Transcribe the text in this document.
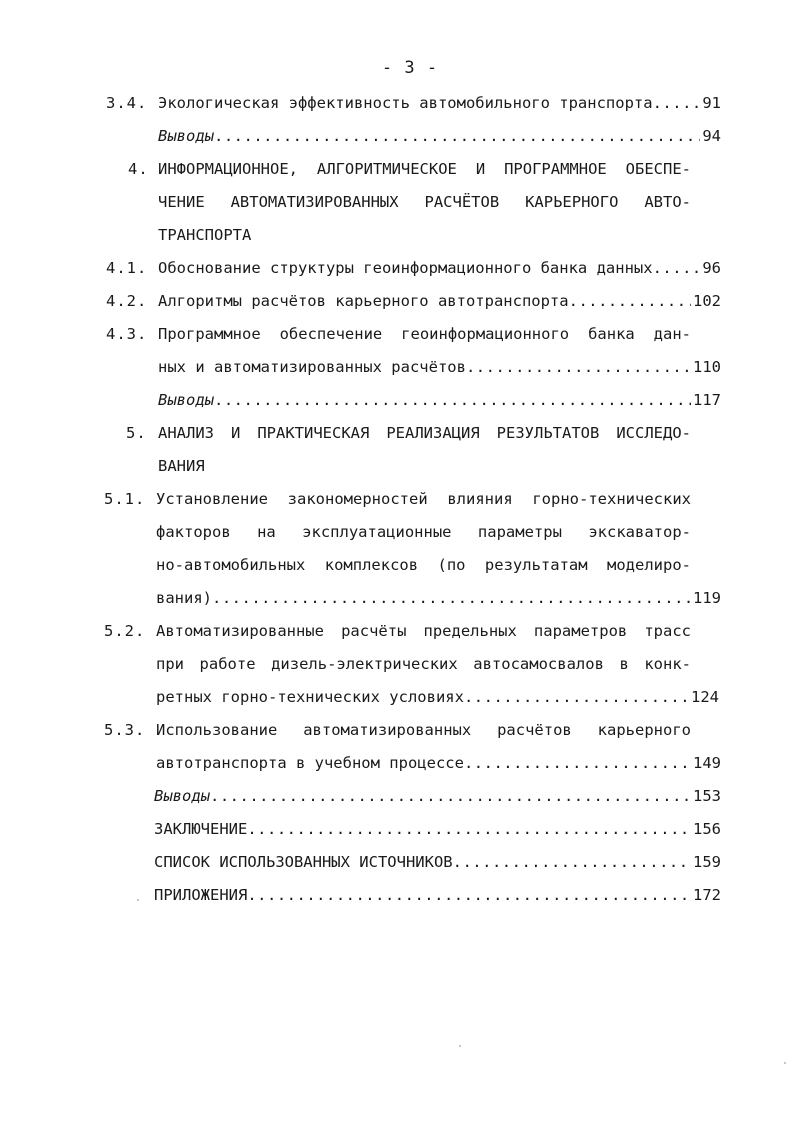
- 3 -
3.4. Экологическая эффективность автомобильного транспорта .....	91
Выводы .....	94
4. ИНФОРМАЦИОННОЕ, АЛГОРИТМИЧЕСКОЕ И ПРОГРАММНОЕ ОБЕСПЕ-
ЧЕНИЕ АВТОМАТИЗИРОВАННЫХ РАСЧЁТОВ КАРЬЕРНОГО АВТО-
ТРАНСПОРТА
4.1. Обоснование структуры геоинформационного банка данных .....	96
4.2. Алгоритмы расчётов карьерного автотранспорта .....	102
4.3. Программное обеспечение геоинформационного банка дан-
ных и автоматизированных расчётов .....	110
Выводы .....	117
5. АНАЛИЗ И ПРАКТИЧЕСКАЯ РЕАЛИЗАЦИЯ РЕЗУЛЬТАТОВ ИССЛЕДО-
ВАНИЯ
5.1. Установление закономерностей влияния горно-технических
факторов на эксплуатационные параметры экскаватор-
но-автомобильных комплексов (по результатам моделиро-
вания) .....	119
5.2. Автоматизированные расчёты предельных параметров трасс
при работе дизель-электрических автосамосвалов в конк-
ретных горно-технических условиях .....	124
5.3. Использование автоматизированных расчётов карьерного
автотранспорта в учебном процессе .....	149
Выводы .....	153
ЗАКЛЮЧЕНИЕ .....	156
СПИСОК ИСПОЛЬЗОВАННЫХ ИСТОЧНИКОВ .....	159
ПРИЛОЖЕНИЯ .....	172
